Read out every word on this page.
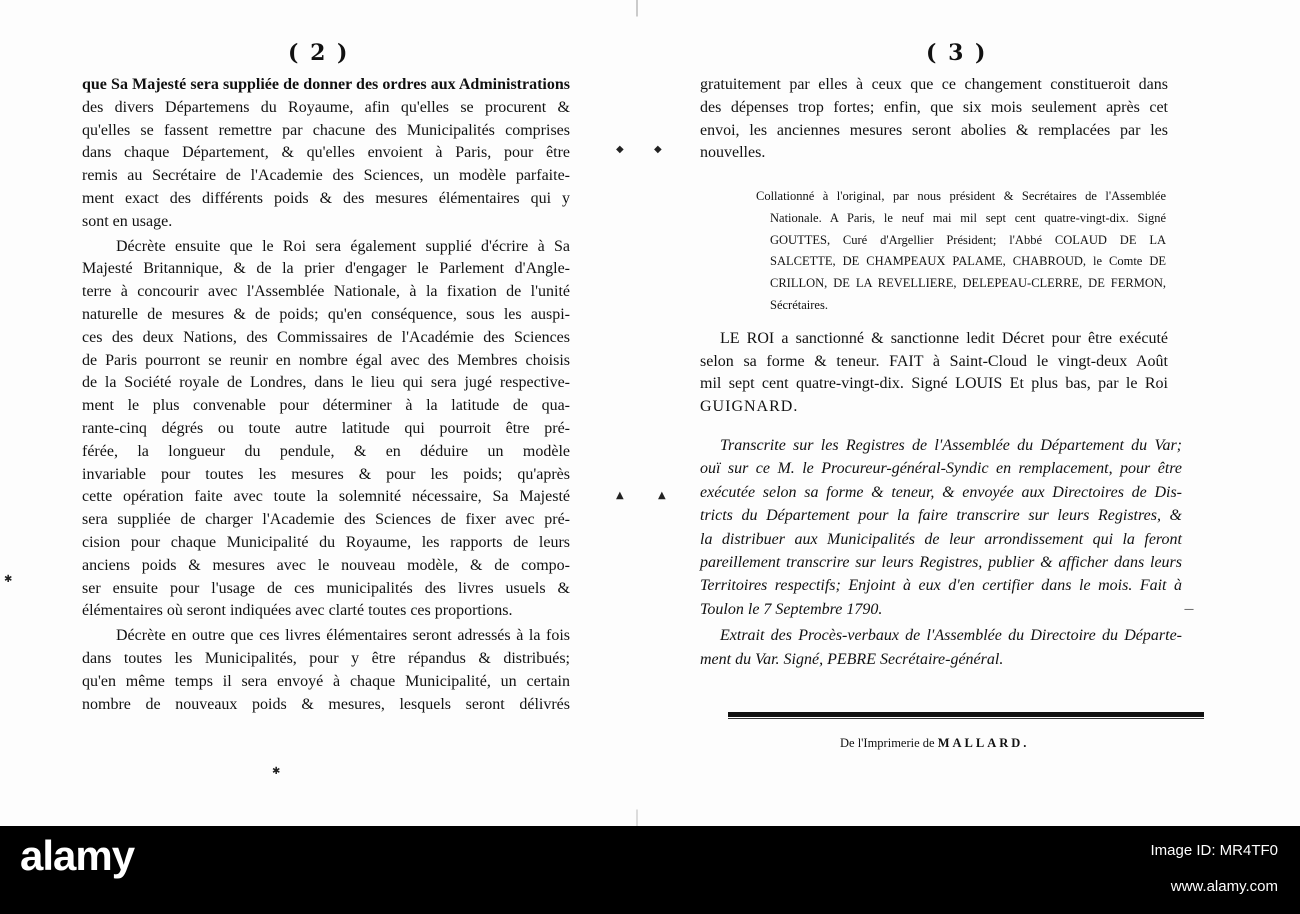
( 2 )
que Sa Majesté sera suppliée de donner des ordres aux Administrations
des divers Départemens du Royaume, afin qu'elles se procurent &
qu'elles se fassent remettre par chacune des Municipalités comprises
dans chaque Département, & qu'elles envoient à Paris, pour être
remis au Secrétaire de l'Academie des Sciences, un modèle parfaite-
ment exact des différents poids & des mesures élémentaires qui y
sont en usage.
Décrète ensuite que le Roi sera également supplié d'écrire à Sa
Majesté Britannique, & de la prier d'engager le Parlement d'Angle-
terre à concourir avec l'Assemblée Nationale, à la fixation de l'unité
naturelle de mesures & de poids; qu'en conséquence, sous les auspi-
ces des deux Nations, des Commissaires de l'Académie des Sciences
de Paris pourront se reunir en nombre égal avec des Membres choisis
de la Société royale de Londres, dans le lieu qui sera jugé respective-
ment le plus convenable pour déterminer à la latitude de qua-
rante-cinq dégrés ou toute autre latitude qui pourroit être pré-
férée, la longueur du pendule, & en déduire un modèle
invariable pour toutes les mesures & pour les poids; qu'après
cette opération faite avec toute la solemnité nécessaire, Sa Majesté
sera suppliée de charger l'Academie des Sciences de fixer avec pré-
cision pour chaque Municipalité du Royaume, les rapports de leurs
anciens poids & mesures avec le nouveau modèle, & de compo-
ser ensuite pour l'usage de ces municipalités des livres usuels &
élémentaires où seront indiquées avec clarté toutes ces proportions.
Décrète en outre que ces livres élémentaires seront adressés à la fois
dans toutes les Municipalités, pour y être répandus & distribués;
qu'en même temps il sera envoyé à chaque Municipalité, un certain
nombre de nouveaux poids & mesures, lesquels seront délivrés
◆
✱
✱
▲
( 3 )
gratuitement par elles à ceux que ce changement constitueroit dans
des dépenses trop fortes; enfin, que six mois seulement après cet
envoi, les anciennes mesures seront abolies & remplacées par les
nouvelles.
Collationné à l'original, par nous président & Secrétaires de l'Assemblée
Nationale. A Paris, le neuf mai mil sept cent quatre-vingt-dix. Signé
GOUTTES, Curé d'Argellier Président; l'Abbé COLAUD DE LA
SALCETTE, DE CHAMPEAUX PALAME, CHABROUD, le Comte DE
CRILLON, DE LA REVELLIERE, DELEPEAU-CLERRE, DE FERMON,
Sécrétaires.
LE ROI a sanctionné & sanctionne ledit Décret pour être exécuté
selon sa forme & teneur. FAIT à Saint-Cloud le vingt-deux Août
mil sept cent quatre-vingt-dix. Signé LOUIS Et plus bas, par le Roi
GUIGNARD.
Transcrite sur les Registres de l'Assemblée du Département du Var;
ouï sur ce M. le Procureur-général-Syndic en remplacement, pour être
exécutée selon sa forme & teneur, & envoyée aux Directoires de Dis-
tricts du Département pour la faire transcrire sur leurs Registres, &
la distribuer aux Municipalités de leur arrondissement qui la feront
pareillement transcrire sur leurs Registres, publier & afficher dans leurs
Territoires respectifs; Enjoint à eux d'en certifier dans le mois. Fait à
Toulon le 7 Septembre 1790.
Extrait des Procès-verbaux de l'Assemblée du Directoire du Départe-
ment du Var. Signé, PEBRE Secrétaire-général.
De l'Imprimerie de MALLARD.
◆
▲
—
alamy	Image ID: MR4TF0
www.alamy.com
